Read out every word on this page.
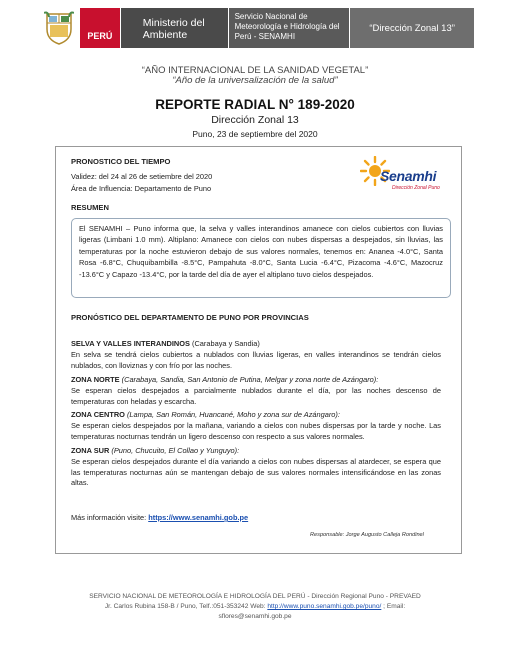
PERÚ
Ministerio del Ambiente
Servicio Nacional de Meteorología e Hidrología del Perú - SENAMHI
“Dirección Zonal 13”
“AÑO INTERNACIONAL DE LA SANIDAD VEGETAL”
“Año de la universalización de la salud”
REPORTE RADIAL N° 189-2020
Dirección Zonal 13
Puno, 23 de septiembre del 2020
Senamhi
Dirección Zonal Puno
PRONOSTICO DEL TIEMPO
Validez: del 24 al 26 de setiembre del 2020
Área de Influencia: Departamento de Puno
RESUMEN
El SENAMHI – Puno informa que, la selva y valles interandinos amanece con cielos cubiertos con lluvias ligeras (Limbani 1.0 mm). Altiplano: Amanece con cielos con nubes dispersas a despejados, sin lluvias, las temperaturas por la noche estuvieron debajo de sus valores normales, tenemos en: Ananea -4.0°C, Santa Rosa -6.8°C, Chuquibambilla -8.5°C, Pampahuta -8.0°C, Santa Lucia -6.4°C, Pizacoma -4.6°C, Mazocruz -13.6°C y Capazo -13.4°C, por la tarde del día de ayer el altiplano tuvo cielos despejados.
PRONÓSTICO DEL DEPARTAMENTO DE PUNO POR PROVINCIAS
SELVA Y VALLES INTERANDINOS (Carabaya y Sandia)
En selva se tendrá cielos cubiertos a nublados con lluvias ligeras, en valles interandinos se tendrán cielos nublados, con lloviznas y con frío por las noches.
ZONA NORTE (Carabaya, Sandia, San Antonio de Putina, Melgar y zona norte de Azángaro):
Se esperan cielos despejados a parcialmente nublados durante el día, por las noches descenso de temperaturas con heladas y escarcha.
ZONA CENTRO (Lampa, San Román, Huancané, Moho y zona sur de Azángaro):
Se esperan cielos despejados por la mañana, variando a cielos con nubes dispersas por la tarde y noche. Las temperaturas nocturnas tendrán un ligero descenso con respecto a sus valores normales.
ZONA SUR (Puno, Chucuito, El Collao y Yunguyo):
Se esperan cielos despejados durante el día variando a cielos con nubes dispersas al atardecer, se espera que las temperaturas nocturnas aún se mantengan debajo de sus valores normales intensificándose en las zonas altas.
Más información visite: https://www.senamhi.gob.pe
Responsable: Jorge Augusto Calleja Rondinel
SERVICIO NACIONAL DE METEOROLOGÍA E HIDROLOGÍA DEL PERÚ - Dirección Regional Puno - PREVAED
Jr. Carlos Rubina 158-B / Puno, Telf.:051-353242 Web: http://www.puno.senamhi.gob.pe/puno/ ; Email:
sflores@senamhi.gob.pe
